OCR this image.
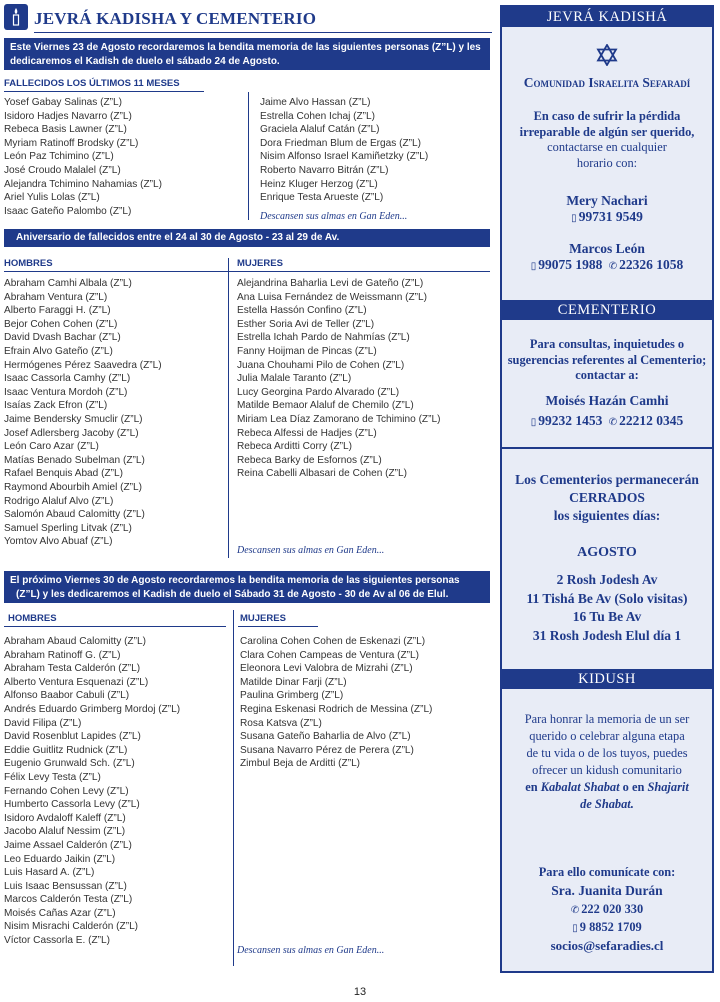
JEVRÁ KADISHA Y CEMENTERIO
Este Viernes 23 de Agosto recordaremos la bendita memoria de las siguientes personas (Z”L) y les
dedicaremos el Kadish de duelo el sábado 24 de Agosto.
FALLECIDOS LOS ÚLTIMOS 11 MESES
Yosef Gabay Salinas (Z”L)
Isidoro Hadjes Navarro (Z”L)
Rebeca Basis Lawner (Z”L)
Myriam Ratinoff Brodsky (Z”L)
León Paz Tchimino (Z”L)
José Croudo Malalel (Z”L)
Alejandra Tchimino Nahamias (Z”L)
Ariel Yulis Lolas (Z”L)
Isaac Gateño Palombo (Z”L)
Jaime Alvo Hassan (Z”L)
Estrella Cohen Ichaj (Z”L)
Graciela Alaluf Catán (Z”L)
Dora Friedman Blum de Ergas (Z”L)
Nisim Alfonso Israel Kamiñetzky (Z”L)
Roberto Navarro Bitrán (Z”L)
Heinz Kluger Herzog (Z”L)
Enrique Testa Arueste (Z”L)
Descansen sus almas en Gan Eden...
Aniversario de fallecidos entre el 24 al 30 de Agosto - 23 al 29 de Av.
HOMBRES	MUJERES
Abraham Camhi Albala (Z”L)
Abraham Ventura (Z”L)
Alberto Faraggi H. (Z”L)
Bejor Cohen Cohen (Z”L)
David Dvash Bachar (Z”L)
Efrain Alvo Gateño (Z”L)
Hermógenes Pérez Saavedra (Z”L)
Isaac Cassorla Camhy (Z”L)
Isaac Ventura Mordoh (Z”L)
Isaías Zack Efron (Z”L)
Jaime Bendersky Smuclir (Z”L)
Josef Adlersberg Jacoby (Z”L)
León Caro Azar (Z”L)
Matías Benado Subelman (Z”L)
Rafael Benquis Abad (Z”L)
Raymond Abourbih Amiel (Z”L)
Rodrigo Alaluf Alvo (Z”L)
Salomón Abaud Calomitty (Z”L)
Samuel Sperling Litvak (Z”L)
Yomtov Alvo Abuaf (Z”L)
Alejandrina Baharlia Levi de Gateño (Z”L)
Ana Luisa Fernández de Weissmann (Z”L)
Estella Hassón Confino (Z”L)
Esther Soria Avi de Teller (Z”L)
Estrella Ichah Pardo de Nahmías (Z”L)
Fanny Hoijman de Pincas (Z”L)
Juana Chouhami Pilo de Cohen (Z”L)
Julia Malale Taranto (Z”L)
Lucy Georgina Pardo Alvarado (Z”L)
Matilde Bemaor Alaluf de Chemilo (Z”L)
Miriam Lea Díaz Zamorano de Tchimino (Z”L)
Rebeca Alfessi de Hadjes (Z”L)
Rebeca Arditti Corry (Z”L)
Rebeca Barky de Esfornos (Z”L)
Reina Cabelli Albasari de Cohen (Z”L)
Descansen sus almas en Gan Eden...
El próximo Viernes 30 de Agosto recordaremos la bendita memoria de las siguientes personas
(Z”L) y les dedicaremos el Kadish de duelo el Sábado 31 de Agosto - 30 de Av al 06 de Elul.
HOMBRES	MUJERES
Abraham Abaud Calomitty (Z”L)
Abraham Ratinoff G. (Z”L)
Abraham Testa Calderón (Z”L)
Alberto Ventura Esquenazi (Z”L)
Alfonso Baabor Cabuli (Z”L)
Andrés Eduardo Grimberg Mordoj (Z”L)
David Filipa (Z”L)
David Rosenblut Lapides (Z”L)
Eddie Guitlitz Rudnick (Z”L)
Eugenio Grunwald Sch. (Z”L)
Félix Levy Testa (Z”L)
Fernando Cohen Levy (Z”L)
Humberto Cassorla Levy (Z”L)
Isidoro Avdaloff Kaleff (Z”L)
Jacobo Alaluf Nessim (Z”L)
Jaime Assael Calderón (Z”L)
Leo Eduardo Jaikin (Z”L)
Luis Hasard A. (Z”L)
Luis Isaac Bensussan (Z”L)
Marcos Calderón Testa (Z”L)
Moisés Cañas Azar (Z”L)
Nisim Misrachi Calderón (Z”L)
Víctor Cassorla E. (Z”L)
Carolina Cohen Cohen de Eskenazi (Z”L)
Clara Cohen Campeas de Ventura (Z”L)
Eleonora Levi Valobra de Mizrahi (Z”L)
Matilde Dinar Farji (Z”L)
Paulina Grimberg (Z”L)
Regina Eskenasi Rodrich de Messina (Z”L)
Rosa Katsva (Z”L)
Susana Gateño Baharlia de Alvo (Z”L)
Susana Navarro Pérez de Perera (Z”L)
Zimbul Beja de Arditti (Z”L)
Descansen sus almas en Gan Eden...
JEVRÁ KADISHÁ
Comunidad Israelita Sefaradí
En caso de sufrir la pérdida
irreparable de algún ser querido,
contactarse en cualquier
horario con:
Mery Nachari
▯ 99731 9549
Marcos León
▯ 99075 1988 ✆ 22326 1058
CEMENTERIO
Para consultas, inquietudes o
sugerencias referentes al Cementerio;
contactar a:
Moisés Hazán Camhi
▯ 99232 1453 ✆ 22212 0345
Los Cementerios permanecerán
CERRADOS
los siguientes días:
AGOSTO
2 Rosh Jodesh Av
11 Tishá Be Av (Solo visitas)
16 Tu Be Av
31 Rosh Jodesh Elul día 1
KIDUSH
Para honrar la memoria de un ser
querido o celebrar alguna etapa
de tu vida o de los tuyos, puedes
ofrecer un kidush comunitario
en Kabalat Shabat o en Shajarit
de Shabat.
Para ello comunícate con:
Sra. Juanita Durán
✆ 222 020 330
▯ 9 8852 1709
socios@sefaradies.cl
13
